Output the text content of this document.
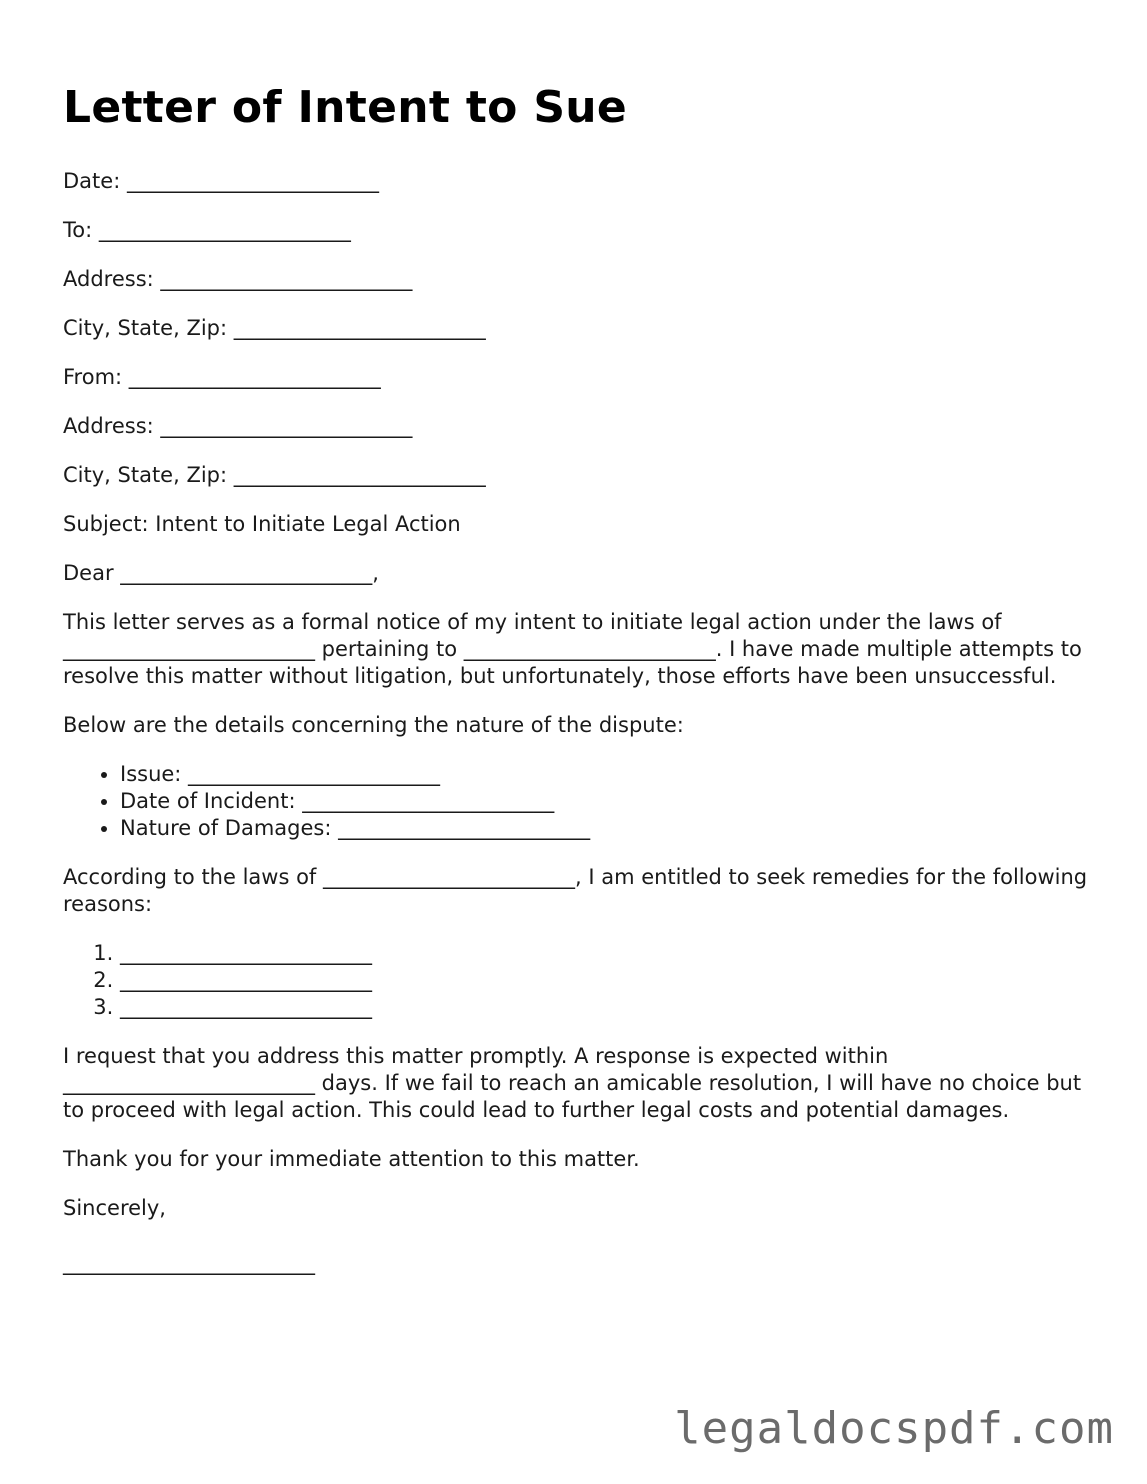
Letter of Intent to Sue
Date: ________________________
To: ________________________
Address: ________________________
City, State, Zip: ________________________
From: ________________________
Address: ________________________
City, State, Zip: ________________________
Subject: Intent to Initiate Legal Action
Dear ________________________,

This letter serves as a formal notice of my intent to initiate legal action under the laws of ________________________ pertaining to ________________________. I have made multiple attempts to resolve this matter without litigation, but unfortunately, those efforts have been unsuccessful.

Below are the details concerning the nature of the dispute:

• Issue: ________________________
• Date of Incident: ________________________
• Nature of Damages: ________________________

According to the laws of ________________________, I am entitled to seek remedies for the following reasons:

1. ________________________
2. ________________________
3. ________________________

I request that you address this matter promptly. A response is expected within ________________________ days. If we fail to reach an amicable resolution, I will have no choice but to proceed with legal action. This could lead to further legal costs and potential damages.

Thank you for your immediate attention to this matter.

Sincerely,

________________________
legaldocspdf.com
